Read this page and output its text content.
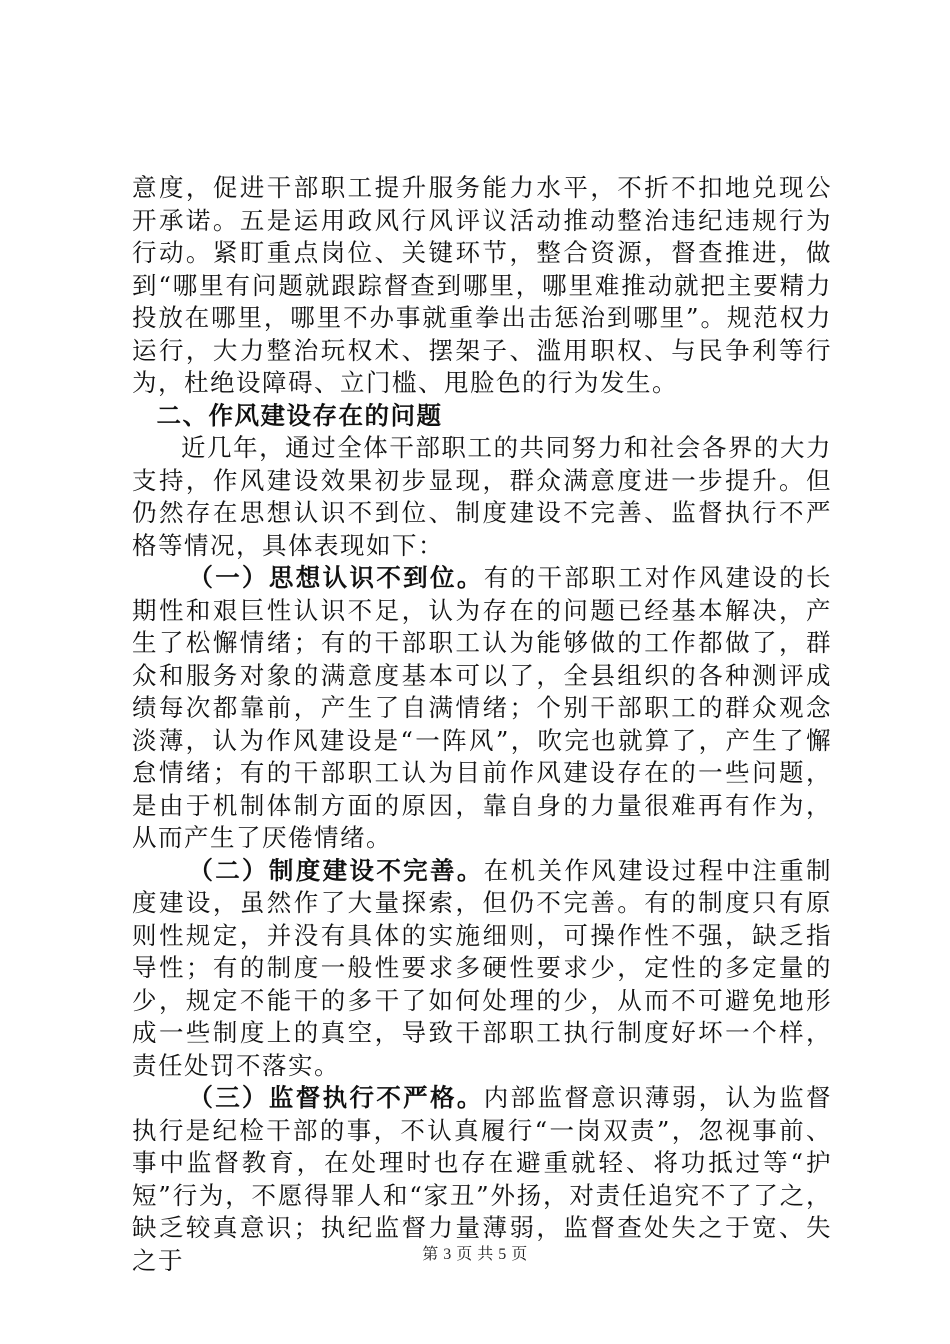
意度，促进干部职工提升服务能力水平，不折不扣地兑现公开承诺。五是运用政风行风评议活动推动整治违纪违规行为行动。紧盯重点岗位、关键环节，整合资源，督查推进，做到“哪里有问题就跟踪督查到哪里，哪里难推动就把主要精力投放在哪里，哪里不办事就重拳出击惩治到哪里”。规范权力运行，大力整治玩权术、摆架子、滥用职权、与民争利等行为，杜绝设障碍、立门槛、甩脸色的行为发生。

二、作风建设存在的问题

近几年，通过全体干部职工的共同努力和社会各界的大力支持，作风建设效果初步显现，群众满意度进一步提升。但仍然存在思想认识不到位、制度建设不完善、监督执行不严格等情况，具体表现如下：

（一）思想认识不到位。有的干部职工对作风建设的长期性和艰巨性认识不足，认为存在的问题已经基本解决，产生了松懈情绪；有的干部职工认为能够做的工作都做了，群众和服务对象的满意度基本可以了，全县组织的各种测评成绩每次都靠前，产生了自满情绪；个别干部职工的群众观念淡薄，认为作风建设是“一阵风”，吹完也就算了，产生了懈怠情绪；有的干部职工认为目前作风建设存在的一些问题，是由于机制体制方面的原因，靠自身的力量很难再有作为，从而产生了厌倦情绪。

（二）制度建设不完善。在机关作风建设过程中注重制度建设，虽然作了大量探索，但仍不完善。有的制度只有原则性规定，并没有具体的实施细则，可操作性不强，缺乏指导性；有的制度一般性要求多硬性要求少，定性的多定量的少，规定不能干的多干了如何处理的少，从而不可避免地形成一些制度上的真空，导致干部职工执行制度好坏一个样，责任处罚不落实。

（三）监督执行不严格。内部监督意识薄弱，认为监督执行是纪检干部的事，不认真履行“一岗双责”，忽视事前、事中监督教育，在处理时也存在避重就轻、将功抵过等“护短”行为，不愿得罪人和“家丑”外扬，对责任追究不了了之，缺乏较真意识；执纪监督力量薄弱，监督查处失之于宽、失之于	第 3 页 共 5 页
